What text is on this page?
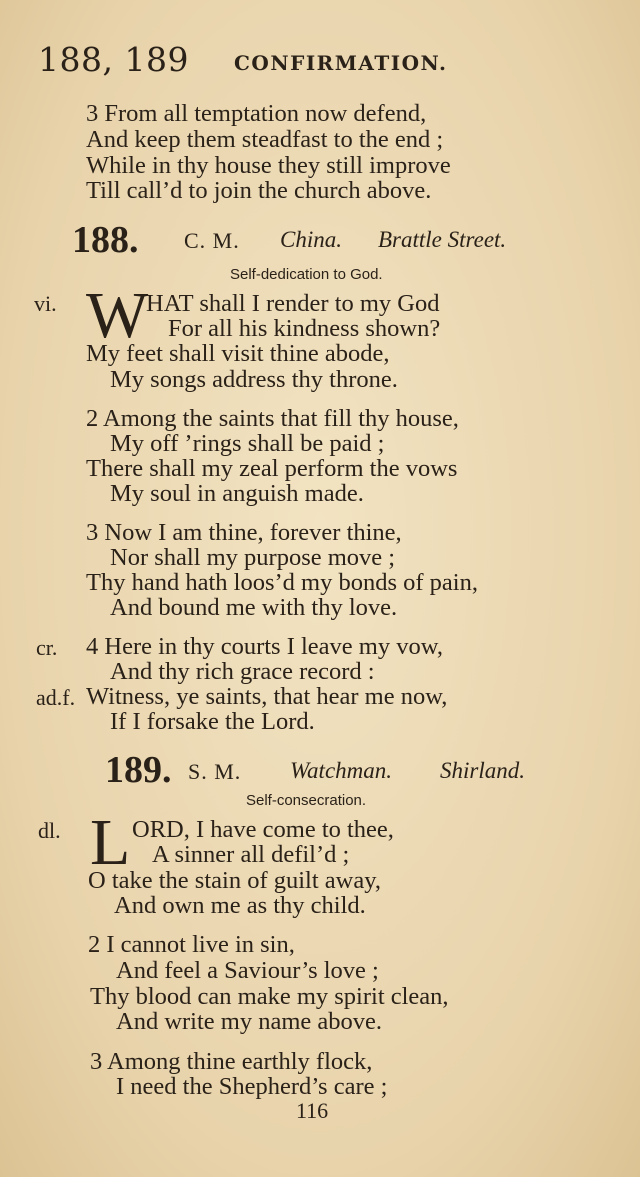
188, 189 CONFIRMATION.
3 From all temptation now defend,
And keep them steadfast to the end ;
While in thy house they still improve
Till call’d to join the church above.
188. C. M. China. Brattle Street.
Self-dedication to God.
vi. W
HAT shall I render to my God
For all his kindness shown?
My feet shall visit thine abode,
My songs address thy throne.
2 Among the saints that fill thy house,
My off ’rings shall be paid ;
There shall my zeal perform the vows
My soul in anguish made.
3 Now I am thine, forever thine,
Nor shall my purpose move ;
Thy hand hath loos’d my bonds of pain,
And bound me with thy love.
cr. 4 Here in thy courts I leave my vow,
And thy rich grace record :
ad.f. Witness, ye saints, that hear me now,
If I forsake the Lord.
189. S. M. Watchman. Shirland.
Self-consecration.
dl. L ORD, I have come to thee,
A sinner all defil’d ;
O take the stain of guilt away,
And own me as thy child.
2 I cannot live in sin,
And feel a Saviour’s love ;
Thy blood can make my spirit clean,
And write my name above.
3 Among thine earthly flock,
I need the Shepherd’s care ;
116
